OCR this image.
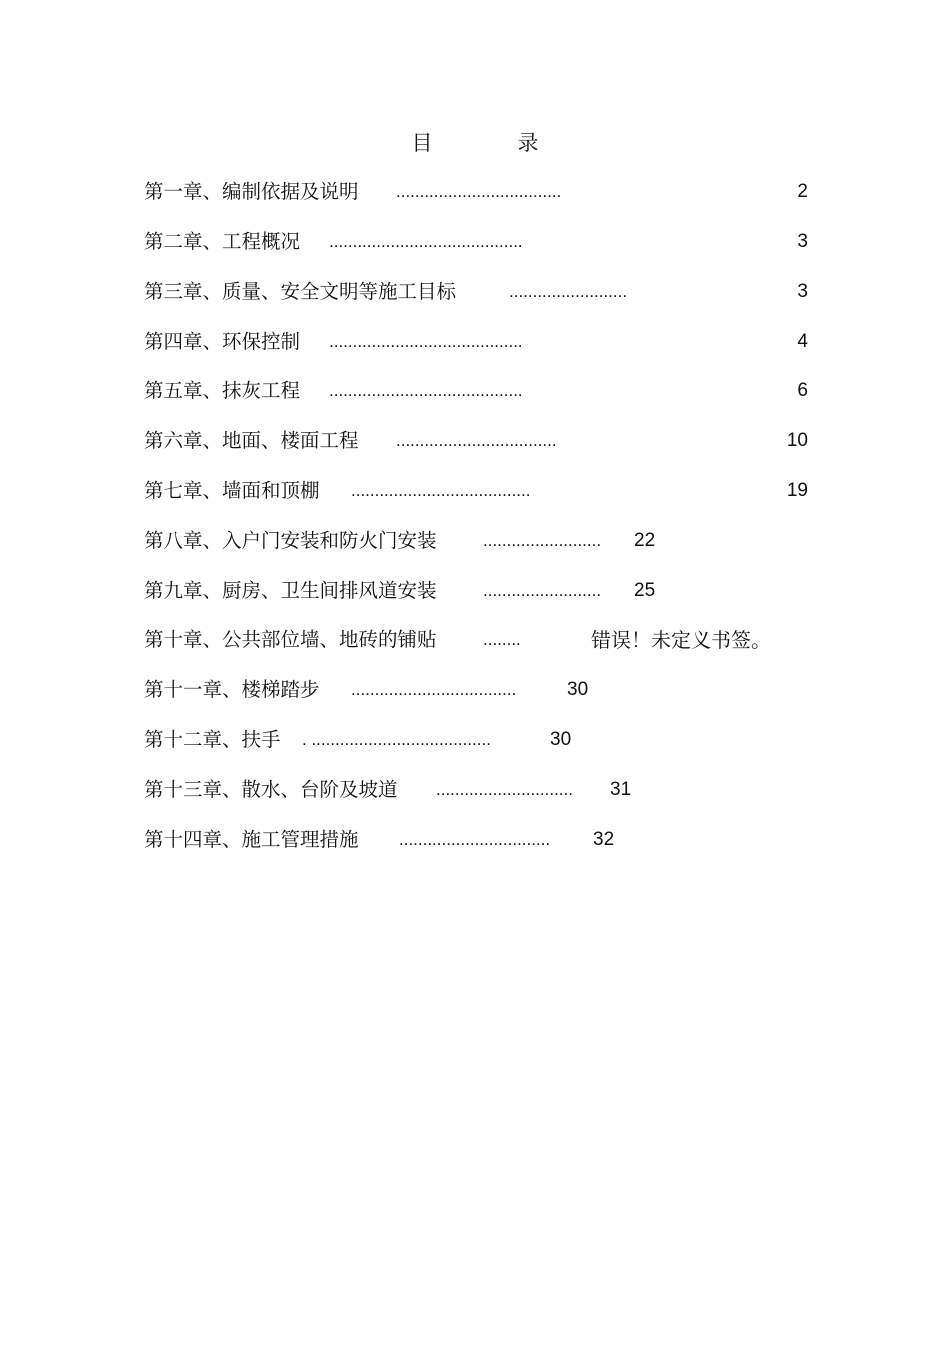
目　录
第一章、编制依据及说明 ...................................	2
第二章、工程概况 .........................................	3
第三章、质量、安全文明等施工目标	.........................	3
第四章、环保控制 .........................................	4
第五章、抹灰工程 .........................................	6
第六章、地面、楼面工程 ..................................	10
第七章、墙面和顶棚 ......................................	19
第八章、入户门安装和防火门安装	......................... 22
第九章、厨房、卫生间排风道安装	......................... 25
第十章、公共部位墙、地砖的铺贴	........	错误！未定义书签。
第十一章、楼梯踏步 ...................................	30
第十二章、扶手 . ......................................	30
第十三章、散水、台阶及坡道 ............................. 31
第十四章、施工管理措施 ................................ 32
